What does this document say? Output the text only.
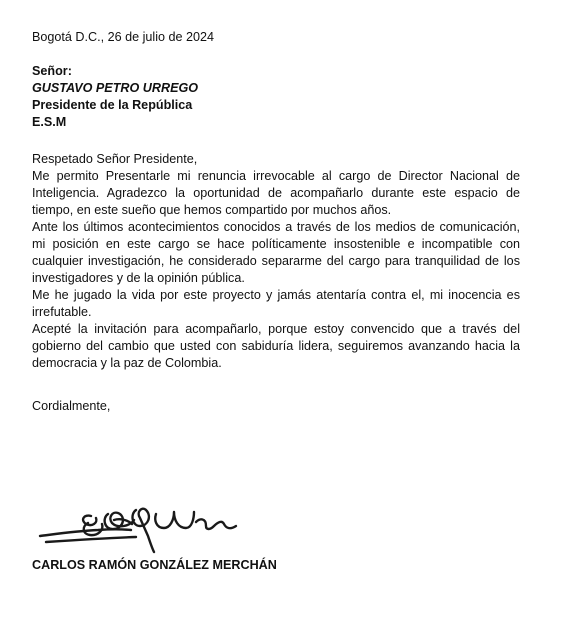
Bogotá D.C., 26 de julio de 2024
Señor:
GUSTAVO PETRO URREGO
Presidente de la República
E.S.M
Respetado Señor Presidente,

Me permito Presentarle mi renuncia irrevocable al cargo de Director Nacional de Inteligencia. Agradezco la oportunidad de acompañarlo durante este espacio de tiempo, en este sueño que hemos compartido por muchos años.

Ante los últimos acontecimientos conocidos a través de los medios de comunicación, mi posición en este cargo se hace políticamente insostenible e incompatible con cualquier investigación, he considerado separarme del cargo para tranquilidad de los investigadores y de la opinión pública.

Me he jugado la vida por este proyecto y jamás atentaría contra el, mi inocencia es irrefutable.

Acepté la invitación para acompañarlo, porque estoy convencido que a través del gobierno del cambio que usted con sabiduría lidera, seguiremos avanzando hacia la democracia y la paz de Colombia.

Cordialmente,
CARLOS RAMÓN GONZÁLEZ MERCHÁN
